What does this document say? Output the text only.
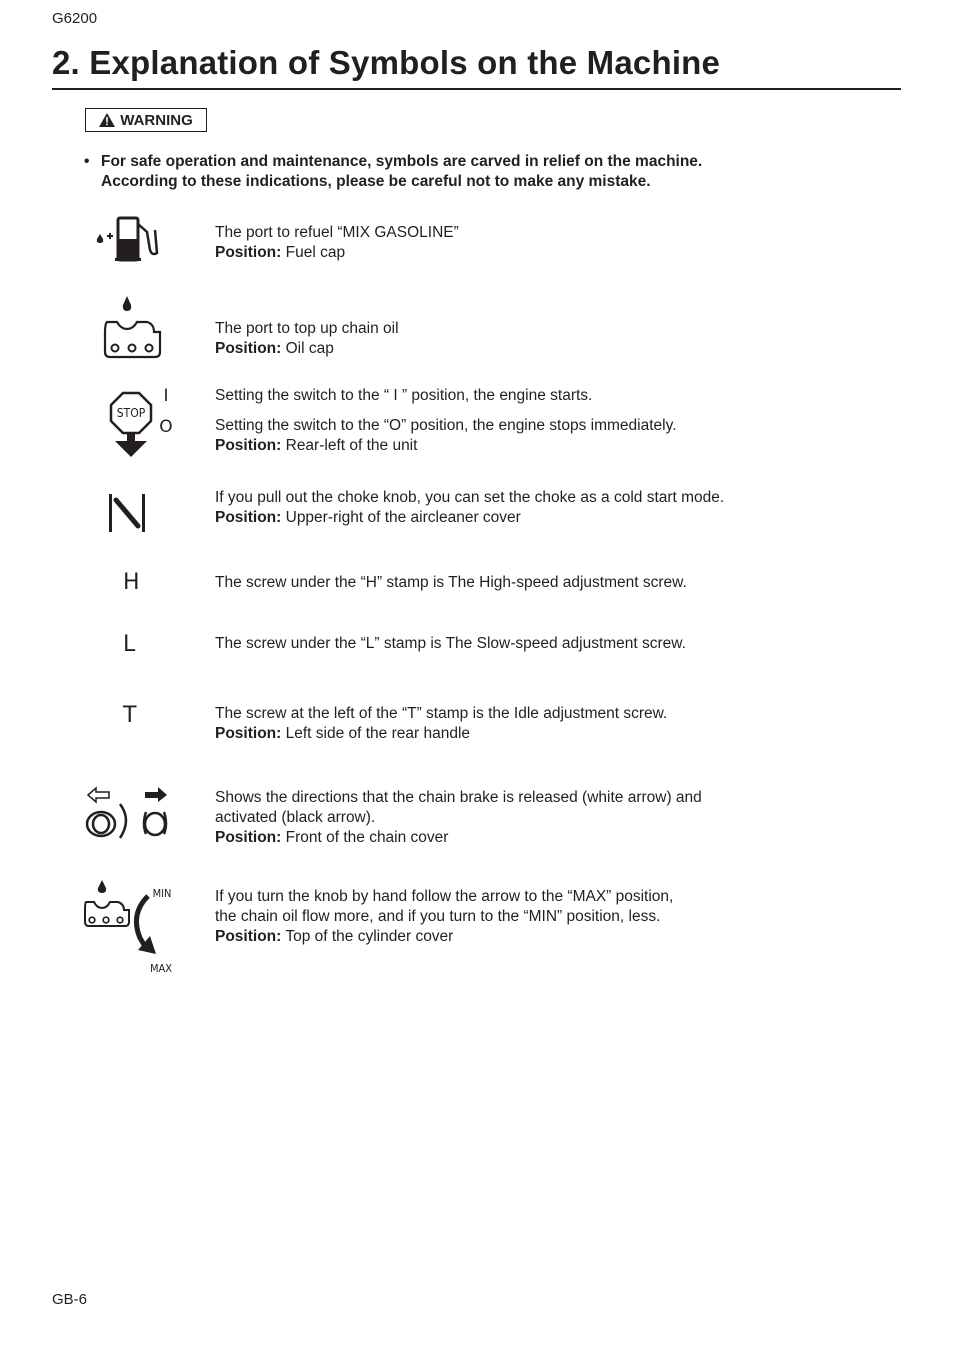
G6200
2. Explanation of Symbols on the Machine
WARNING
• For safe operation and maintenance, symbols are carved in relief on the machine.
According to these indications, please be careful not to make any mistake.

The port to refuel “MIX GASOLINE”

Position: Fuel cap

The port to top up chain oil

Position: Oil cap

STOP
I
O

Setting the switch to the “ I ” position, the engine starts.

Setting the switch to the “O” position, the engine stops immediately.

Position: Rear-left of the unit

If you pull out the choke knob, you can set the choke as a cold start mode.

Position: Upper-right of the aircleaner cover

H	The screw under the “H” stamp is The High-speed adjustment screw.

L	The screw under the “L” stamp is The Slow-speed adjustment screw.

T	The screw at the left of the “T” stamp is the Idle adjustment screw.

Position: Left side of the rear handle

Shows the directions that the chain brake is released (white arrow) and

activated (black arrow).

Position: Front of the chain cover

MIN
MAX

If you turn the knob by hand follow the arrow to the “MAX” position,

the chain oil flow more, and if you turn to the “MIN” position, less.

Position: Top of the cylinder cover

GB-6
